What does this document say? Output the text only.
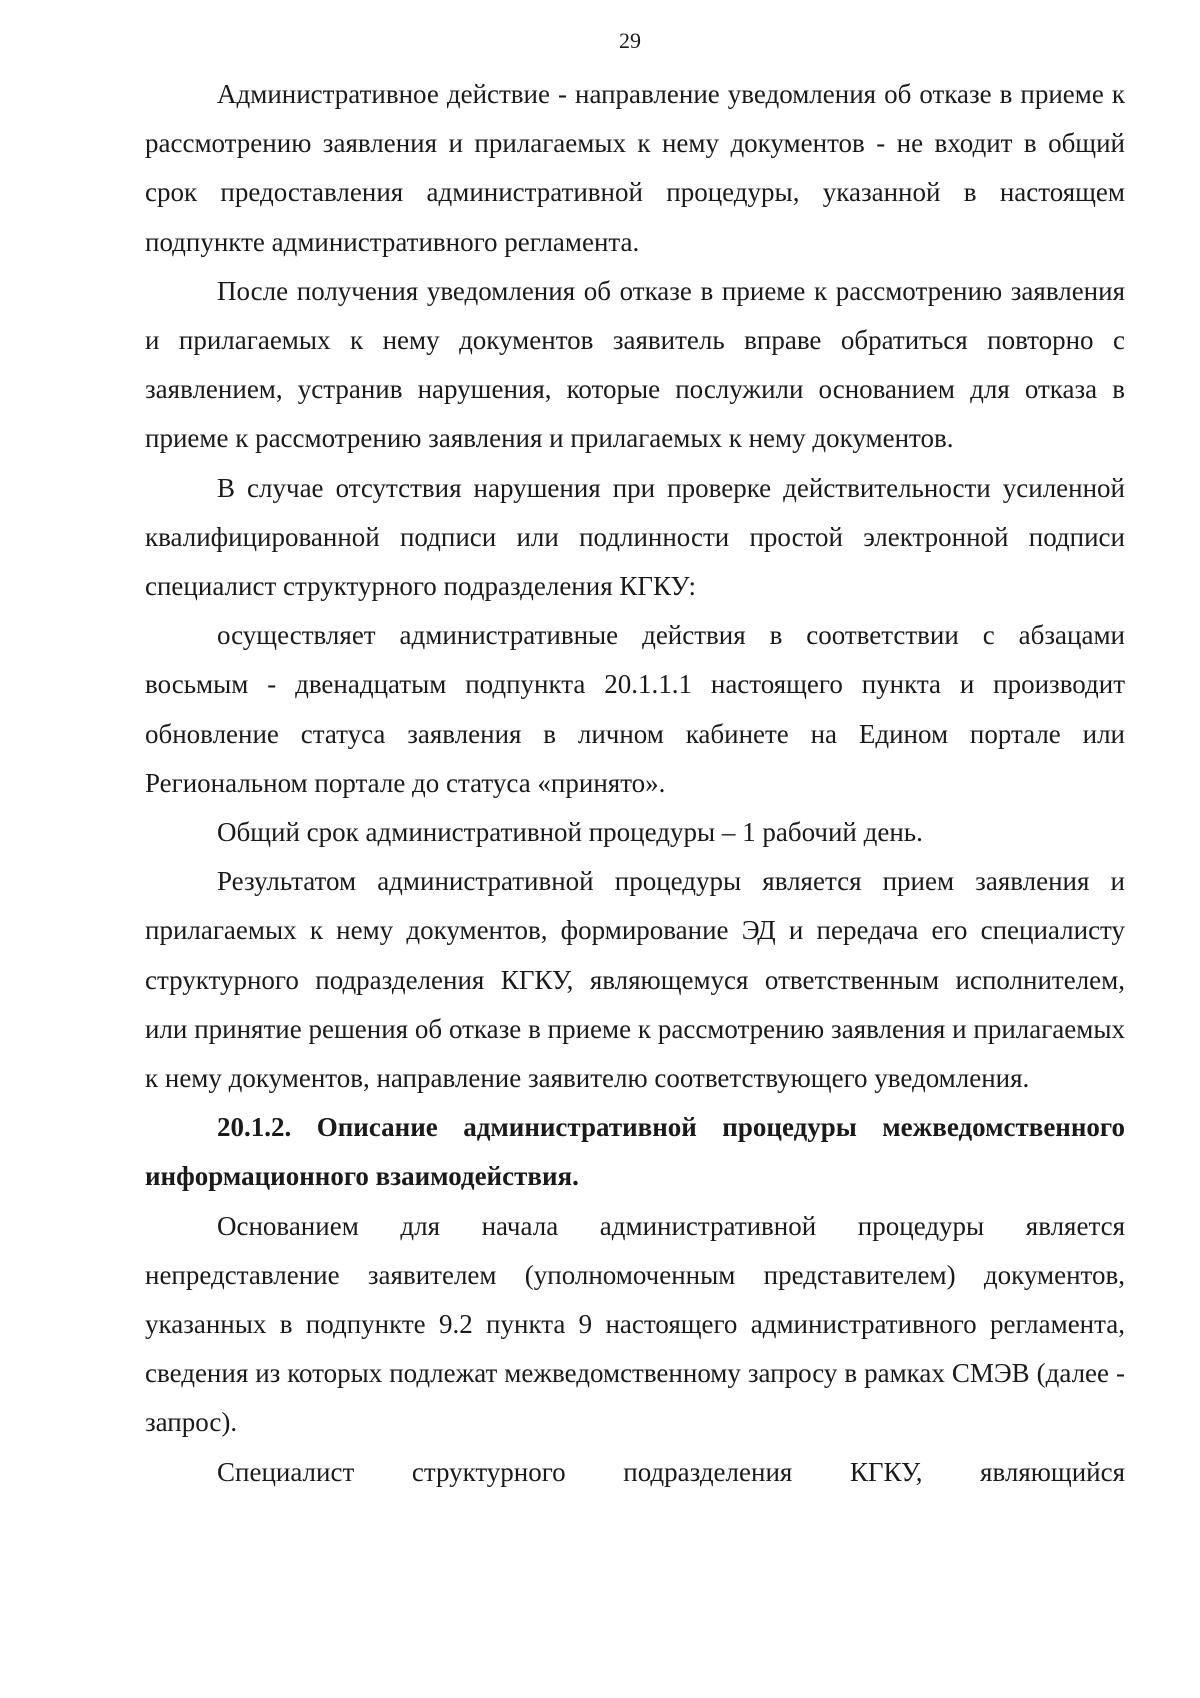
29

Административное действие - направление уведомления об отказе в приеме к рассмотрению заявления и прилагаемых к нему документов - не входит в общий срок предоставления административной процедуры, указанной в настоящем подпункте административного регламента.

После получения уведомления об отказе в приеме к рассмотрению заявления и прилагаемых к нему документов заявитель вправе обратиться повторно с заявлением, устранив нарушения, которые послужили основанием для отказа в приеме к рассмотрению заявления и прилагаемых к нему документов.

В случае отсутствия нарушения при проверке действительности усиленной квалифицированной подписи или подлинности простой электронной подписи специалист структурного подразделения КГКУ:

осуществляет административные действия в соответствии с абзацами восьмым - двенадцатым подпункта 20.1.1.1 настоящего пункта и производит обновление статуса заявления в личном кабинете на Едином портале или Региональном портале до статуса «принято».

Общий срок административной процедуры – 1 рабочий день.

Результатом административной процедуры является прием заявления и прилагаемых к нему документов, формирование ЭД и передача его специалисту структурного подразделения КГКУ, являющемуся ответственным исполнителем, или принятие решения об отказе в приеме к рассмотрению заявления и прилагаемых к нему документов, направление заявителю соответствующего уведомления.

20.1.2. Описание административной процедуры межведомственного информационного взаимодействия.

Основанием для начала административной процедуры является непредставление заявителем (уполномоченным представителем) документов, указанных в подпункте 9.2 пункта 9 настоящего административного регламента, сведения из которых подлежат межведомственному запросу в рамках СМЭВ (далее - запрос).

Специалист структурного подразделения КГКУ, являющийся
